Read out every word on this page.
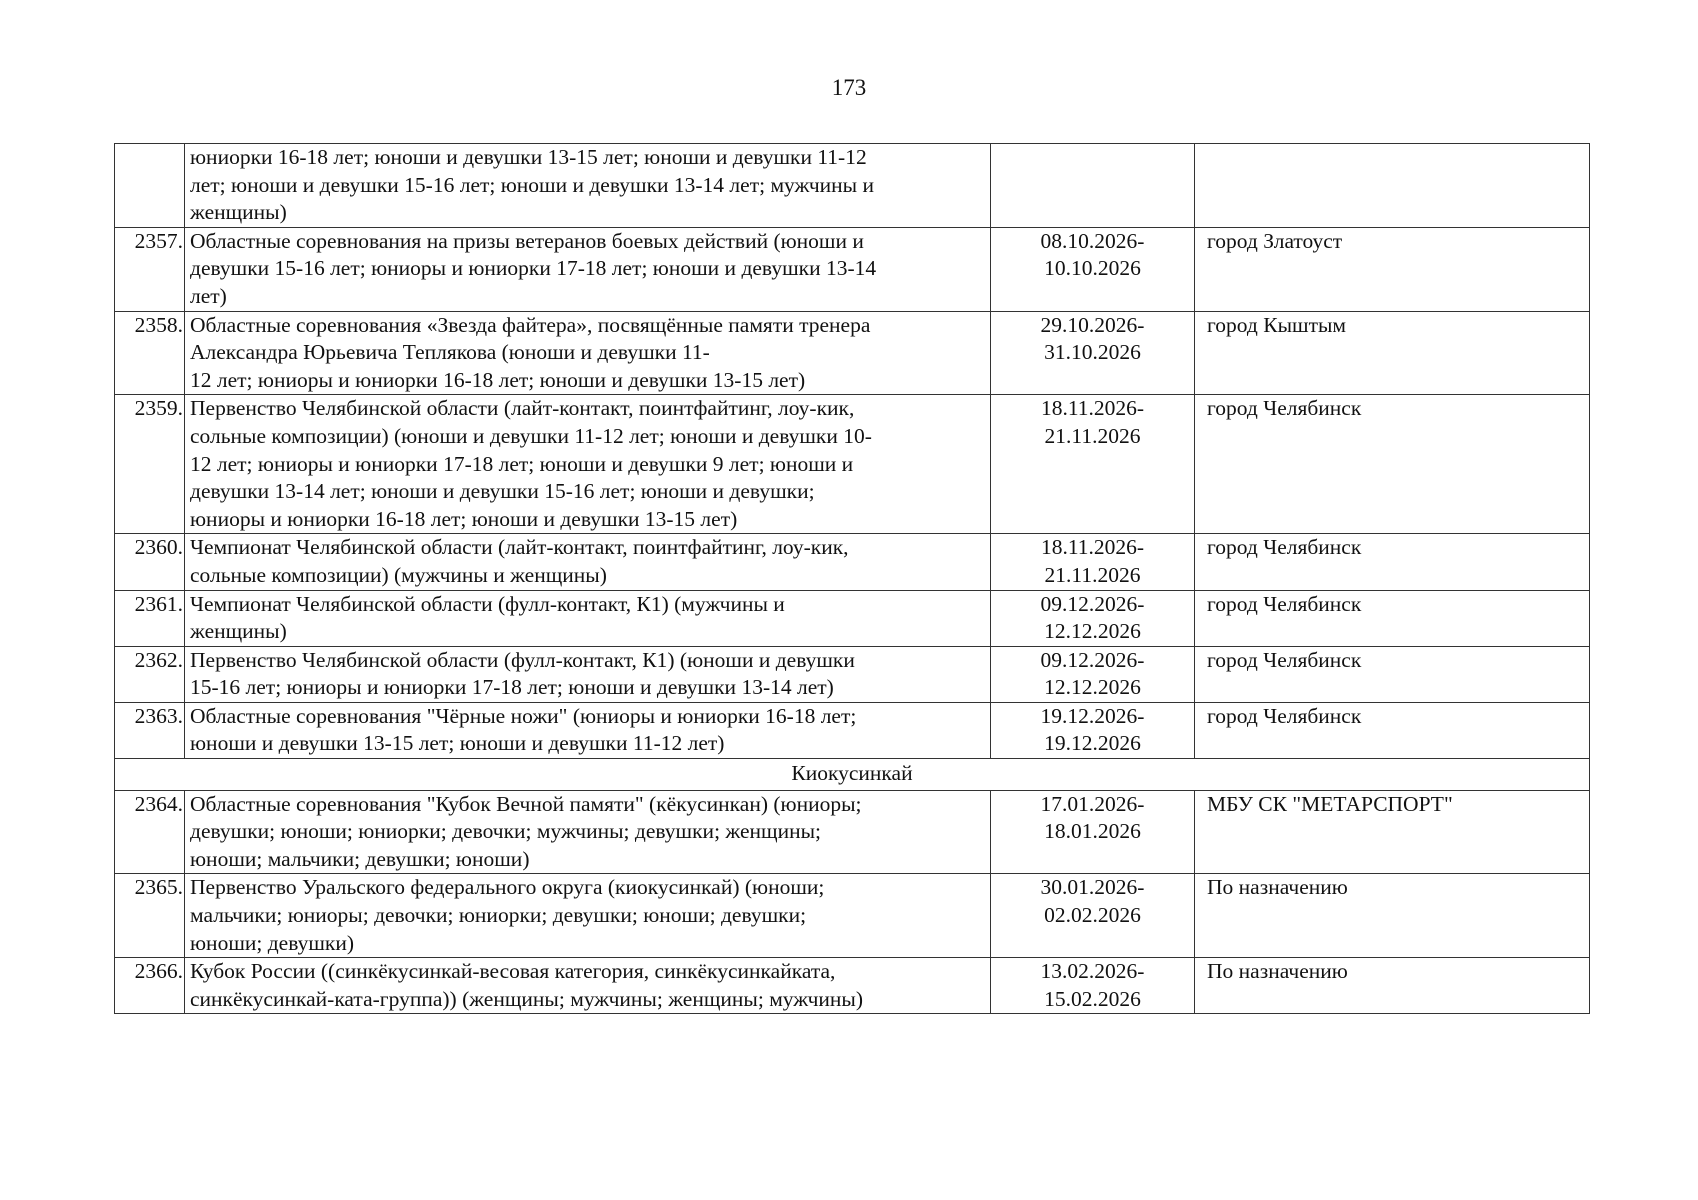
173

	юниорки 16-18 лет; юноши и девушки 13-15 лет; юноши и девушки 11-12
лет; юноши и девушки 15-16 лет; юноши и девушки 13-14 лет; мужчины и
женщины)		

2357.	Областные соревнования на призы ветеранов боевых действий (юноши и
девушки 15-16 лет; юниоры и юниорки 17-18 лет; юноши и девушки 13-14
лет)	08.10.2026-
10.10.2026	город Златоуст
2358.	Областные соревнования «Звезда файтера», посвящённые памяти тренера
Александра Юрьевича Теплякова (юноши и девушки 11-
12 лет; юниоры и юниорки 16-18 лет; юноши и девушки 13-15 лет)	29.10.2026-
31.10.2026	город Кыштым
2359.	Первенство Челябинской области (лайт-контакт, поинтфайтинг, лоу-кик,
сольные композиции) (юноши и девушки 11-12 лет; юноши и девушки 10-
12 лет; юниоры и юниорки 17-18 лет; юноши и девушки 9 лет; юноши и
девушки 13-14 лет; юноши и девушки 15-16 лет; юноши и девушки;
юниоры и юниорки 16-18 лет; юноши и девушки 13-15 лет)	18.11.2026-
21.11.2026	город Челябинск
2360.	Чемпионат Челябинской области (лайт-контакт, поинтфайтинг, лоу-кик,
сольные композиции) (мужчины и женщины)	18.11.2026-
21.11.2026	город Челябинск
2361.	Чемпионат Челябинской области (фулл-контакт, К1) (мужчины и
женщины)	09.12.2026-
12.12.2026	город Челябинск
2362.	Первенство Челябинской области (фулл-контакт, К1) (юноши и девушки
15-16 лет; юниоры и юниорки 17-18 лет; юноши и девушки 13-14 лет)	09.12.2026-
12.12.2026	город Челябинск
2363.	Областные соревнования "Чёрные ножи" (юниоры и юниорки 16-18 лет;
юноши и девушки 13-15 лет; юноши и девушки 11-12 лет)	19.12.2026-
19.12.2026	город Челябинск
Киокусинкай			
2364.	Областные соревнования "Кубок Вечной памяти" (кёкусинкан) (юниоры;
девушки; юноши; юниорки; девочки; мужчины; девушки; женщины;
юноши; мальчики; девушки; юноши)	17.01.2026-
18.01.2026	МБУ СК "МЕТАРСПОРТ"
2365.	Первенство Уральского федерального округа (киокусинкай) (юноши;
мальчики; юниоры; девочки; юниорки; девушки; юноши; девушки;
юноши; девушки)	30.01.2026-
02.02.2026	По назначению
2366.	Кубок России ((синкёкусинкай-весовая категория, синкёкусинкайката,
синкёкусинкай-ката-группа)) (женщины; мужчины; женщины; мужчины)	13.02.2026-
15.02.2026	По назначению
